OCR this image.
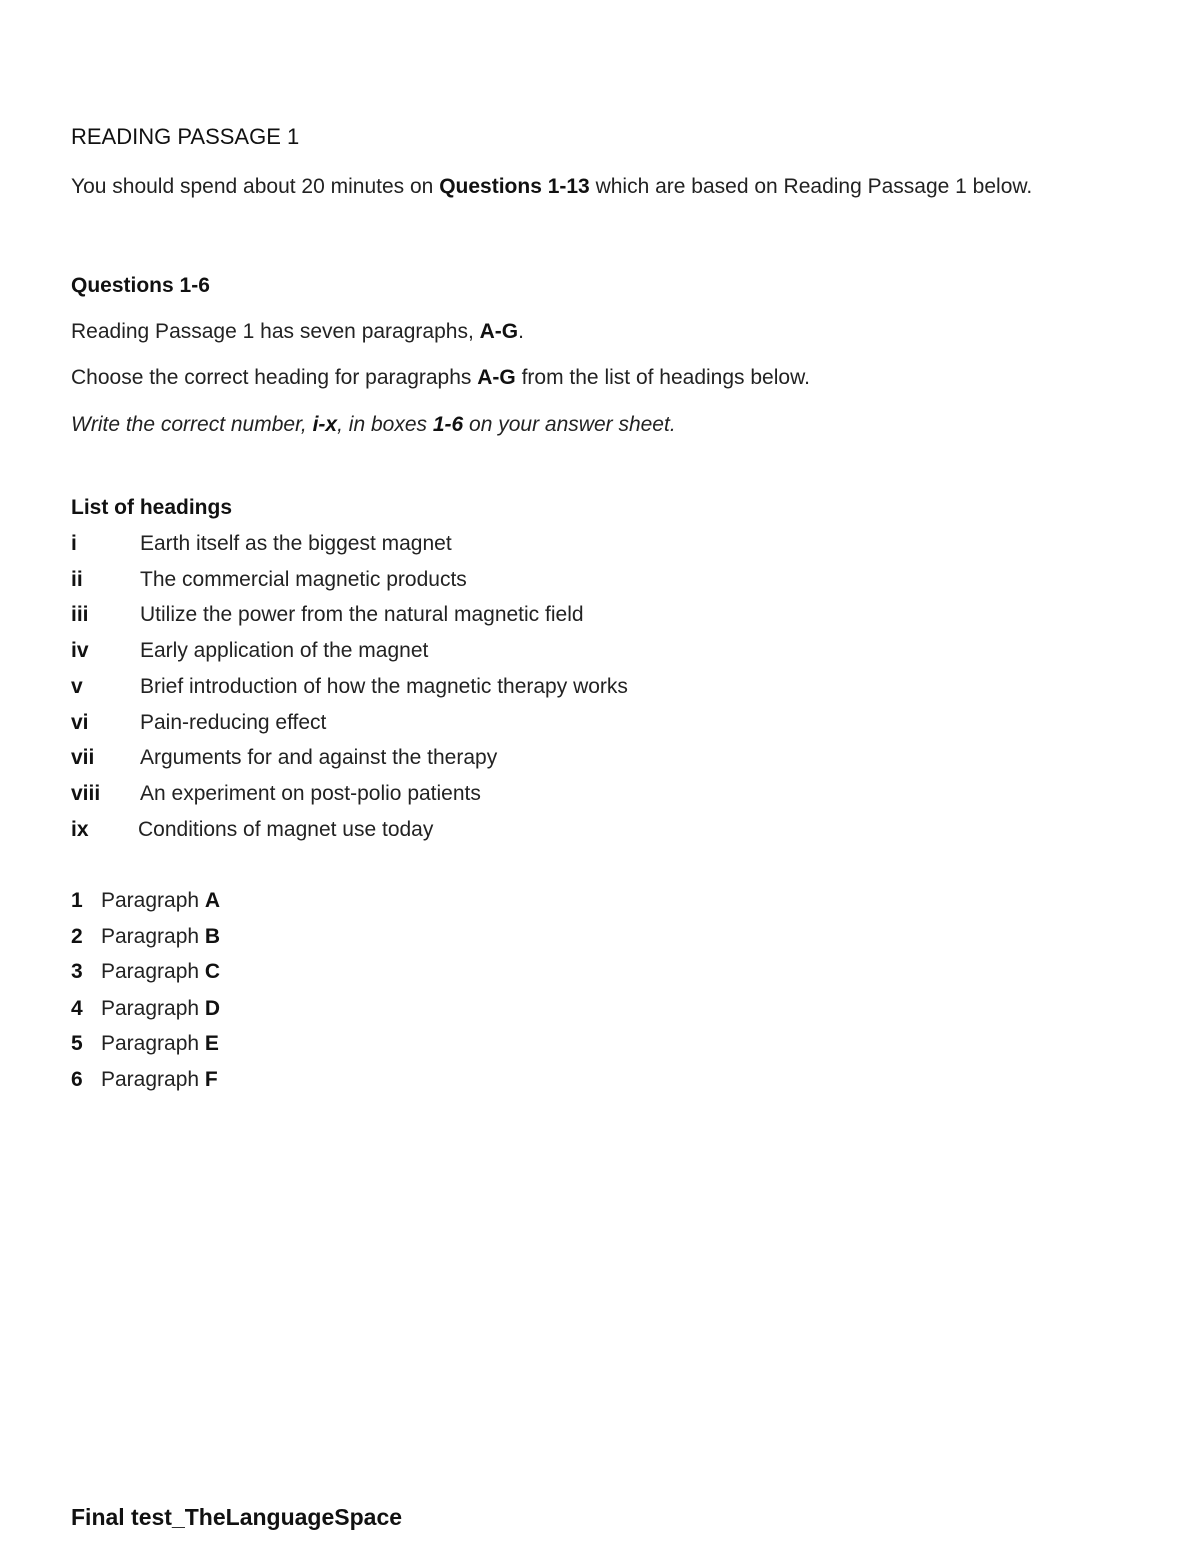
READING PASSAGE 1
You should spend about 20 minutes on Questions 1-13 which are based on Reading Passage 1 below.
Questions 1-6
Reading Passage 1 has seven paragraphs, A-G.
Choose the correct heading for paragraphs A-G from the list of headings below.
Write the correct number, i-x, in boxes 1-6 on your answer sheet.
List of headings
i	Earth itself as the biggest magnet
ii	The commercial magnetic products
iii Utilize the power from the natural magnetic field
iv Early application of the magnet
v	Brief introduction of how the magnetic therapy works
vi Pain-reducing effect
vii Arguments for and against the therapy
viii An experiment on post-polio patients
ix Conditions of magnet use today
1 Paragraph A
2 Paragraph B
3 Paragraph C
4 Paragraph D
5 Paragraph E
6 Paragraph F
Final test_TheLanguageSpace
